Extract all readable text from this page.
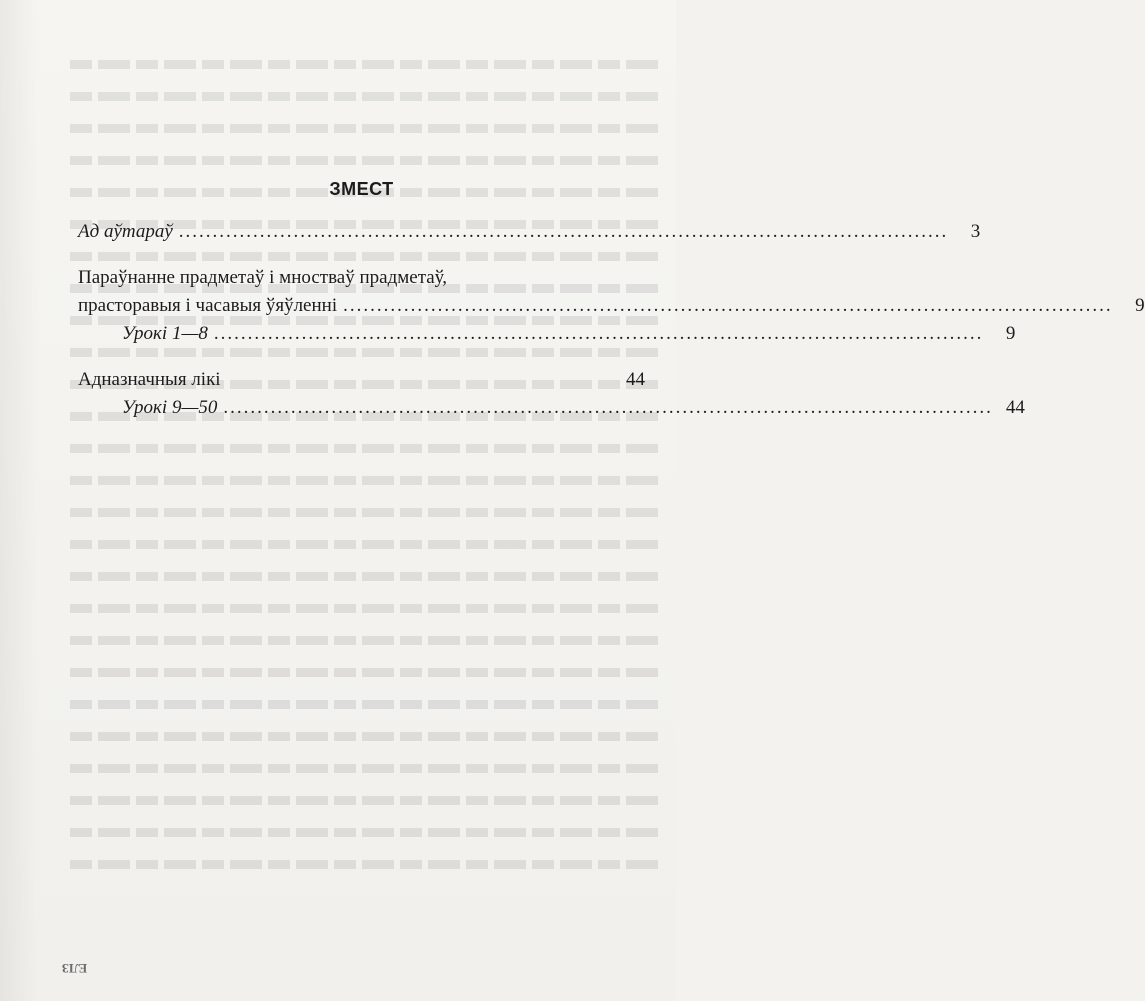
ЗМЕСТ
Ад аўтараў ..................................................................................................................	3
Параўнанне прадметаў і мностваў прадметаў,
пpacтopaвыя і часавыя ўяўленні ..................................................................................................................	9
Урокі 1—8 ..................................................................................................................	9
Адназначныя лікі	44
Урокі 9—50 .................................................................................................................. 44
ЕЛЗ
